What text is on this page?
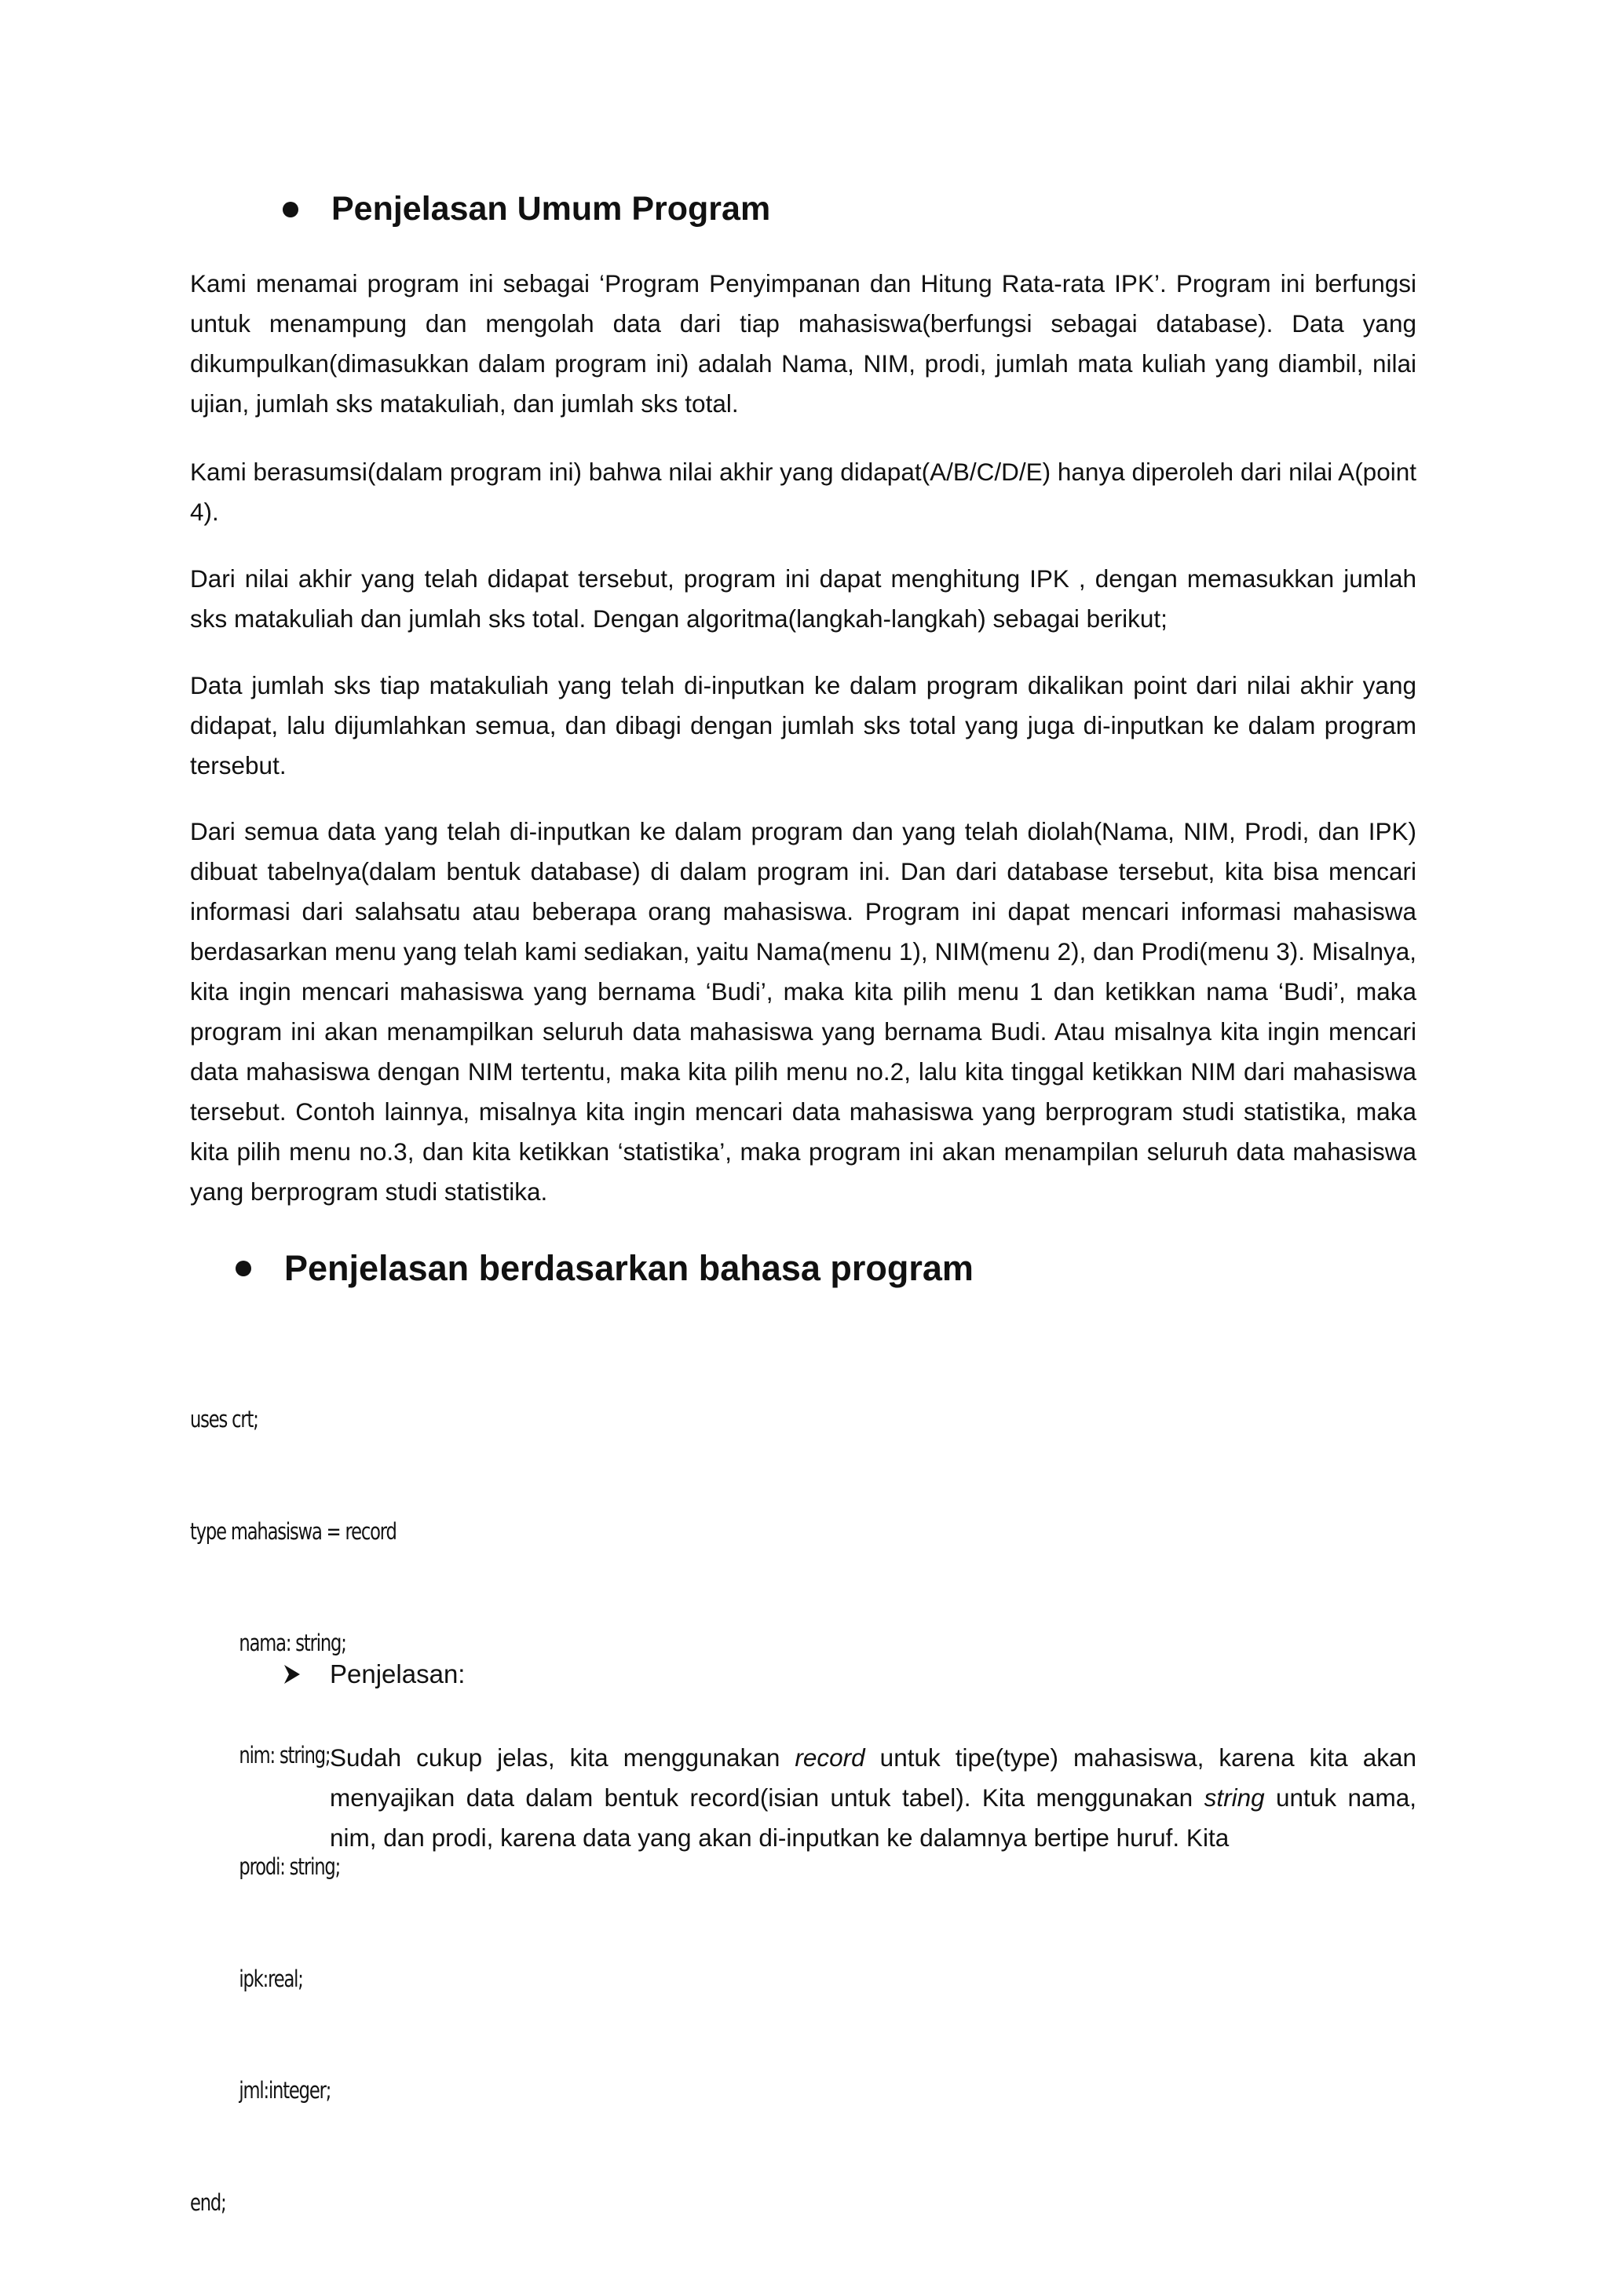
Penjelasan Umum Program

Kami menamai program ini sebagai ‘Program Penyimpanan dan Hitung Rata-rata IPK’. Program ini berfungsi untuk menampung dan mengolah data dari tiap mahasiswa(berfungsi sebagai database). Data yang dikumpulkan(dimasukkan dalam program ini) adalah Nama, NIM, prodi, jumlah mata kuliah yang diambil, nilai ujian, jumlah sks matakuliah, dan jumlah sks total.

Kami berasumsi(dalam program ini) bahwa nilai akhir yang didapat(A/B/C/D/E) hanya diperoleh dari nilai A(point 4).

Dari nilai akhir yang telah didapat tersebut, program ini dapat menghitung IPK , dengan memasukkan jumlah sks matakuliah dan jumlah sks total. Dengan algoritma(langkah-langkah) sebagai berikut;

Data jumlah sks tiap matakuliah yang telah di-inputkan ke dalam program dikalikan point dari nilai akhir yang didapat, lalu dijumlahkan semua, dan dibagi dengan jumlah sks total yang juga di-inputkan ke dalam program tersebut.

Dari semua data yang telah di-inputkan ke dalam program dan yang telah diolah(Nama, NIM, Prodi, dan IPK) dibuat tabelnya(dalam bentuk database) di dalam program ini. Dan dari database tersebut, kita bisa mencari informasi dari salahsatu atau beberapa orang mahasiswa. Program ini dapat mencari informasi mahasiswa berdasarkan menu yang telah kami sediakan, yaitu Nama(menu 1), NIM(menu 2), dan Prodi(menu 3). Misalnya, kita ingin mencari mahasiswa yang bernama ‘Budi’, maka kita pilih menu 1 dan ketikkan nama ‘Budi’, maka program ini akan menampilkan seluruh data mahasiswa yang bernama Budi. Atau misalnya kita ingin mencari data mahasiswa dengan NIM tertentu, maka kita pilih menu no.2, lalu kita tinggal ketikkan NIM dari mahasiswa tersebut. Contoh lainnya, misalnya kita ingin mencari data mahasiswa yang berprogram studi statistika, maka kita pilih menu no.3, dan kita ketikkan ‘statistika’, maka program ini akan menampilan seluruh data mahasiswa yang berprogram studi statistika.

Penjelasan berdasarkan bahasa program

uses crt;

type mahasiswa = record

nama: string;

nim: string;

prodi: string;

ipk:real;

jml:integer;

end;

Penjelasan:

Sudah cukup jelas, kita menggunakan record untuk tipe(type) mahasiswa, karena kita akan menyajikan data dalam bentuk record(isian untuk tabel). Kita menggunakan string untuk nama, nim, dan prodi, karena data yang akan di-inputkan ke dalamnya bertipe huruf. Kita
